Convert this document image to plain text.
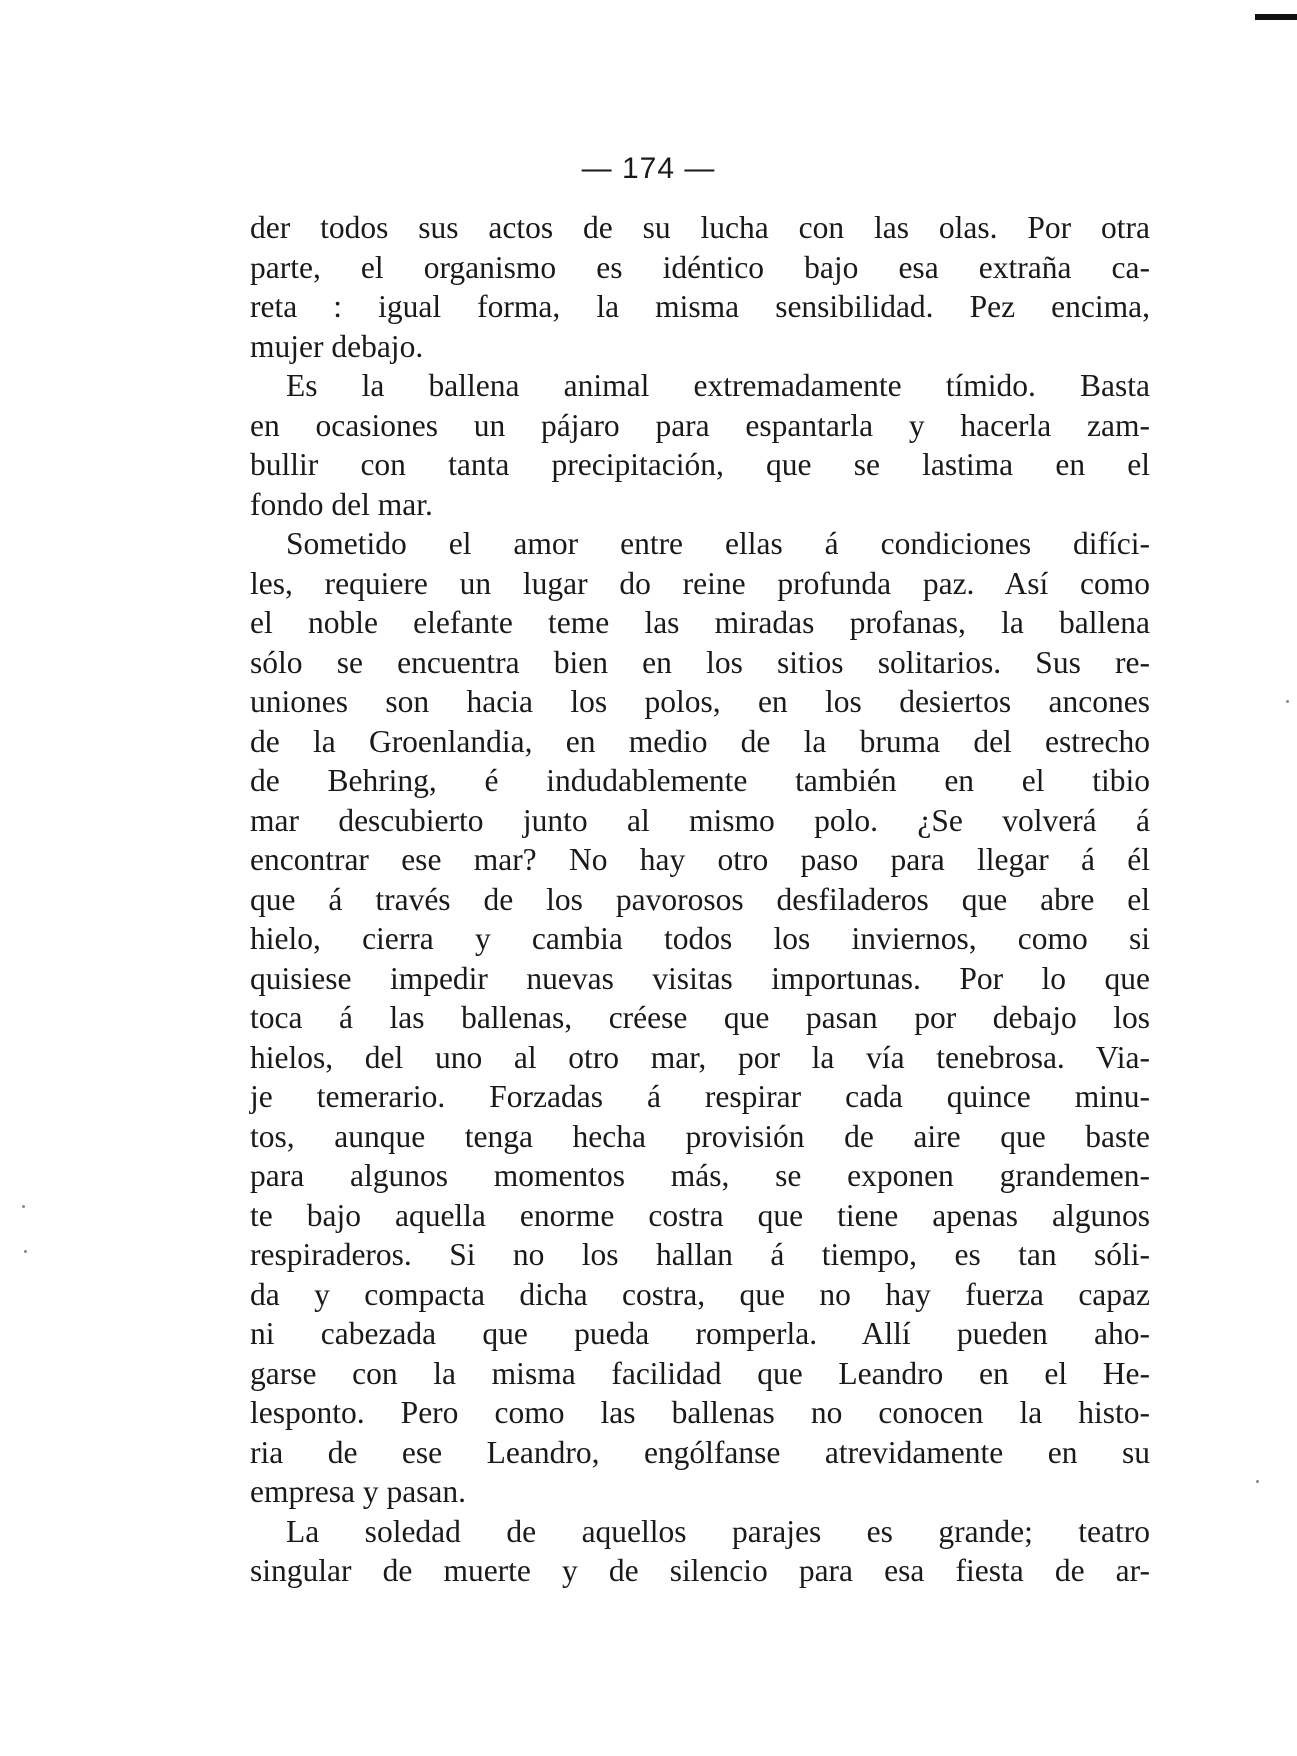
— 174 —
der todos sus actos de su lucha con las olas. Por otra
parte, el organismo es idéntico bajo esa extraña ca-
reta : igual forma, la misma sensibilidad. Pez encima,
mujer debajo.
Es la ballena animal extremadamente tímido. Basta
en ocasiones un pájaro para espantarla y hacerla zam-
bullir con tanta precipitación, que se lastima en el
fondo del mar.
Sometido el amor entre ellas á condiciones difíci-
les, requiere un lugar do reine profunda paz. Así como
el noble elefante teme las miradas profanas, la ballena
sólo se encuentra bien en los sitios solitarios. Sus re-
uniones son hacia los polos, en los desiertos ancones
de la Groenlandia, en medio de la bruma del estrecho
de Behring, é indudablemente también en el tibio
mar descubierto junto al mismo polo. ¿Se volverá á
encontrar ese mar? No hay otro paso para llegar á él
que á través de los pavorosos desfiladeros que abre el
hielo, cierra y cambia todos los inviernos, como si
quisiese impedir nuevas visitas importunas. Por lo que
toca á las ballenas, créese que pasan por debajo los
hielos, del uno al otro mar, por la vía tenebrosa. Via-
je temerario. Forzadas á respirar cada quince minu-
tos, aunque tenga hecha provisión de aire que baste
para algunos momentos más, se exponen grandemen-
te bajo aquella enorme costra que tiene apenas algunos
respiraderos. Si no los hallan á tiempo, es tan sóli-
da y compacta dicha costra, que no hay fuerza capaz
ni cabezada que pueda romperla. Allí pueden aho-
garse con la misma facilidad que Leandro en el He-
lesponto. Pero como las ballenas no conocen la histo-
ria de ese Leandro, engólfanse atrevidamente en su
empresa y pasan.
La soledad de aquellos parajes es grande; teatro
singular de muerte y de silencio para esa fiesta de ar-
